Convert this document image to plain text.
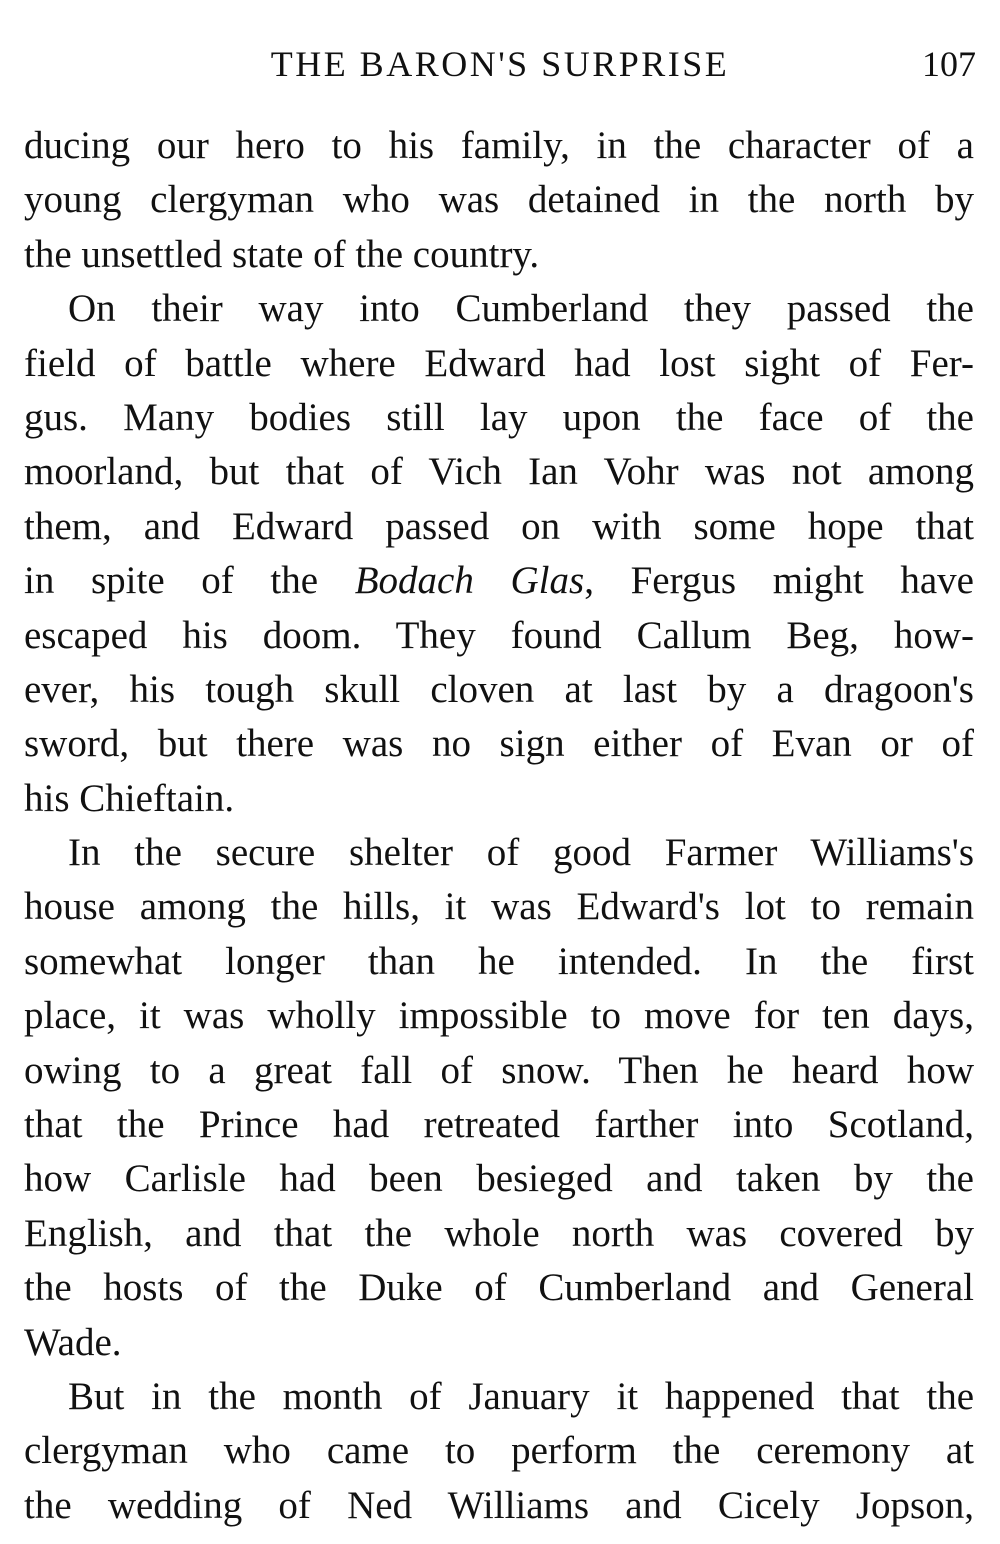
THE BARON'S SURPRISE	107
ducing our hero to his family, in the character of a
young clergyman who was detained in the north by
the unsettled state of the country.
On their way into Cumberland they passed the
field of battle where Edward had lost sight of Fer-
gus. Many bodies still lay upon the face of the
moorland, but that of Vich Ian Vohr was not among
them, and Edward passed on with some hope that
in spite of the Bodach Glas, Fergus might have
escaped his doom. They found Callum Beg, how-
ever, his tough skull cloven at last by a dragoon's
sword, but there was no sign either of Evan or of
his Chieftain.
In the secure shelter of good Farmer Williams's
house among the hills, it was Edward's lot to remain
somewhat longer than he intended. In the first
place, it was wholly impossible to move for ten days,
owing to a great fall of snow. Then he heard how
that the Prince had retreated farther into Scotland,
how Carlisle had been besieged and taken by the
English, and that the whole north was covered by
the hosts of the Duke of Cumberland and General
Wade.
But in the month of January it happened that the
clergyman who came to perform the ceremony at
the wedding of Ned Williams and Cicely Jopson,
